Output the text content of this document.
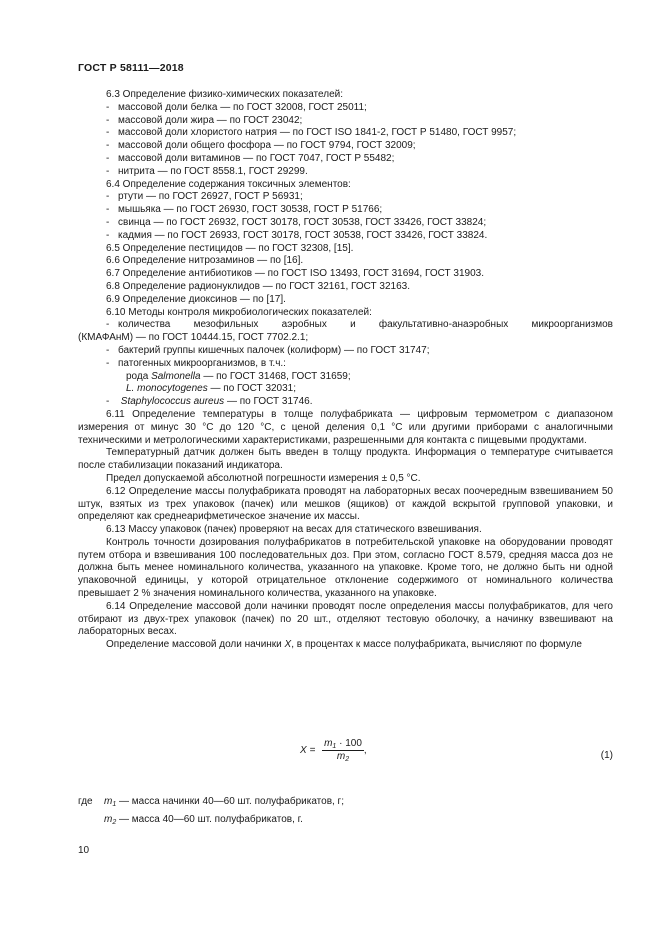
ГОСТ Р 58111—2018
6.3 Определение физико-химических показателей:
- массовой доли белка — по ГОСТ 32008, ГОСТ 25011;
- массовой доли жира — по ГОСТ 23042;
- массовой доли хлористого натрия — по ГОСТ ISO 1841-2, ГОСТ Р 51480, ГОСТ 9957;
- массовой доли общего фосфора — по ГОСТ 9794, ГОСТ 32009;
- массовой доли витаминов — по ГОСТ 7047, ГОСТ Р 55482;
- нитрита — по ГОСТ 8558.1, ГОСТ 29299.
6.4 Определение содержания токсичных элементов:
- ртути — по ГОСТ 26927, ГОСТ Р 56931;
- мышьяка — по ГОСТ 26930, ГОСТ 30538, ГОСТ Р 51766;
- свинца — по ГОСТ 26932, ГОСТ 30178, ГОСТ 30538, ГОСТ 33426, ГОСТ 33824;
- кадмия — по ГОСТ 26933, ГОСТ 30178, ГОСТ 30538, ГОСТ 33426, ГОСТ 33824.
6.5 Определение пестицидов — по ГОСТ 32308, [15].
6.6 Определение нитрозаминов — по [16].
6.7 Определение антибиотиков — по ГОСТ ISO 13493, ГОСТ 31694, ГОСТ 31903.
6.8 Определение радионуклидов — по ГОСТ 32161, ГОСТ 32163.
6.9 Определение диоксинов — по [17].
6.10 Методы контроля микробиологических показателей:
- количества мезофильных аэробных и факультативно-анаэробных микроорганизмов
(КМАФАнМ) — по ГОСТ 10444.15, ГОСТ 7702.2.1;
- бактерий группы кишечных палочек (колиформ) — по ГОСТ 31747;
- патогенных микроорганизмов, в т.ч.:
рода Salmonella — по ГОСТ 31468, ГОСТ 31659;
L. monocytogenes — по ГОСТ 32031;
- Staphylococcus aureus — по ГОСТ 31746.
6.11 Определение температуры в толще полуфабриката — цифровым термометром с диапазоном измерения от минус 30 °С до 120 °С, с ценой деления 0,1 °С или другими приборами с аналогичными техническими и метрологическими характеристиками, разрешенными для контакта с пищевыми продуктами.
Температурный датчик должен быть введен в толщу продукта. Информация о температуре считывается после стабилизации показаний индикатора.
Предел допускаемой абсолютной погрешности измерения ± 0,5 °С.
6.12 Определение массы полуфабриката проводят на лабораторных весах поочередным взвешиванием 50 штук, взятых из трех упаковок (пачек) или мешков (ящиков) от каждой вскрытой групповой упаковки, и определяют как среднеарифметическое значение их массы.
6.13 Массу упаковок (пачек) проверяют на весах для статического взвешивания.
Контроль точности дозирования полуфабрикатов в потребительской упаковке на оборудовании проводят путем отбора и взвешивания 100 последовательных доз. При этом, согласно ГОСТ 8.579, средняя масса доз не должна быть менее номинального количества, указанного на упаковке. Кроме того, не должно быть ни одной упаковочной единицы, у которой отрицательное отклонение содержимого от номинального количества превышает 2 % значения номинального количества, указанного на упаковке.
6.14 Определение массовой доли начинки проводят после определения массы полуфабрикатов, для чего отбирают из двух-трех упаковок (пачек) по 20 шт., отделяют тестовую оболочку, а начинку взвешивают на лабораторных весах.
Определение массовой доли начинки X, в процентах к массе полуфабриката, вычисляют по формуле
$X = \frac{m_1 \cdot 100}{m_2}$ ,	(1)
где $m_1$ — масса начинки 40—60 шт. полуфабрикатов, г;
$m_2$ — масса 40—60 шт. полуфабрикатов, г.
10
